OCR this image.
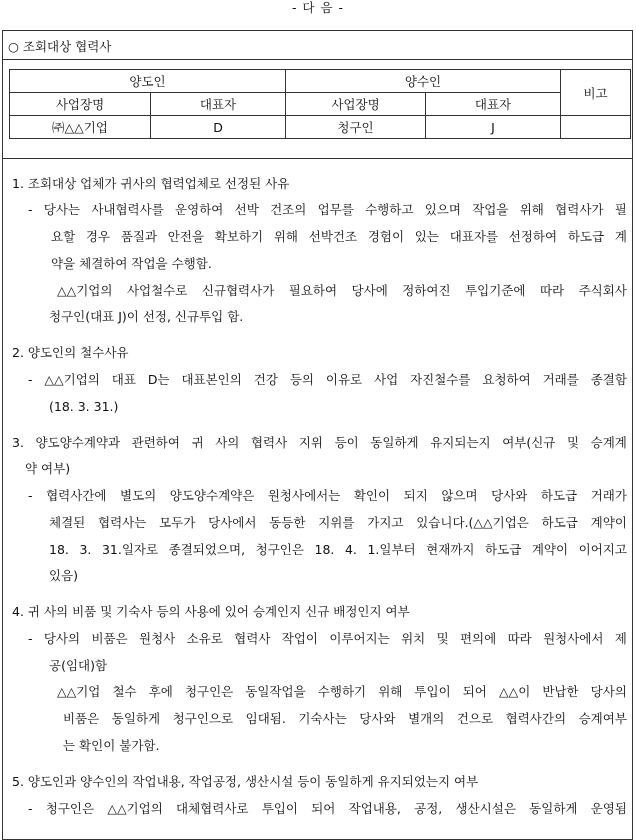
- 다 음 -
○ 조회대상 협력사
양도인		양수인		비고
사업장명	대표자	사업장명	대표자	
㈜△△기업	D	청구인	J	
1. 조회대상 업체가 귀사의 협력업체로 선정된 사유
- 당사는 사내협력사를 운영하여 선박 건조의 업무를 수행하고 있으며 작업을 위해 협력사가 필
요할 경우 품질과 안전을 확보하기 위해 선박건조 경험이 있는 대표자를 선정하여 하도급 계
약을 체결하여 작업을 수행함.
△△기업의 사업철수로 신규협력사가 필요하여 당사에 정하여진 투입기준에 따라 주식회사
청구인(대표 J)이 선정, 신규투입 함.
2. 양도인의 철수사유
- △△기업의 대표 D는 대표본인의 건강 등의 이유로 사업 자진철수를 요청하여 거래를 종결함
(18. 3. 31.)
3. 양도양수계약과 관련하여 귀 사의 협력사 지위 등이 동일하게 유지되는지 여부(신규 및 승계계
약 여부)
- 협력사간에 별도의 양도양수계약은 원청사에서는 확인이 되지 않으며 당사와 하도급 거래가
체결된 협력사는 모두가 당사에서 동등한 지위를 가지고 있습니다.(△△기업은 하도급 계약이
18. 3. 31.일자로 종결되었으며, 청구인은 18. 4. 1.일부터 현재까지 하도급 계약이 이어지고
있음)
4. 귀 사의 비품 및 기숙사 등의 사용에 있어 승계인지 신규 배정인지 여부
- 당사의 비품은 원청사 소유로 협력사 작업이 이루어지는 위치 및 편의에 따라 원청사에서 제
공(임대)함
△△기업 철수 후에 청구인은 동일작업을 수행하기 위해 투입이 되어 △△이 반납한 당사의
비품은 동일하게 청구인으로 임대됨. 기숙사는 당사와 별개의 건으로 협력사간의 승계여부
는 확인이 불가함.
5. 양도인과 양수인의 작업내용, 작업공정, 생산시설 등이 동일하게 유지되었는지 여부
- 청구인은 △△기업의 대체협력사로 투입이 되어 작업내용, 공정, 생산시설은 동일하게 운영됨
